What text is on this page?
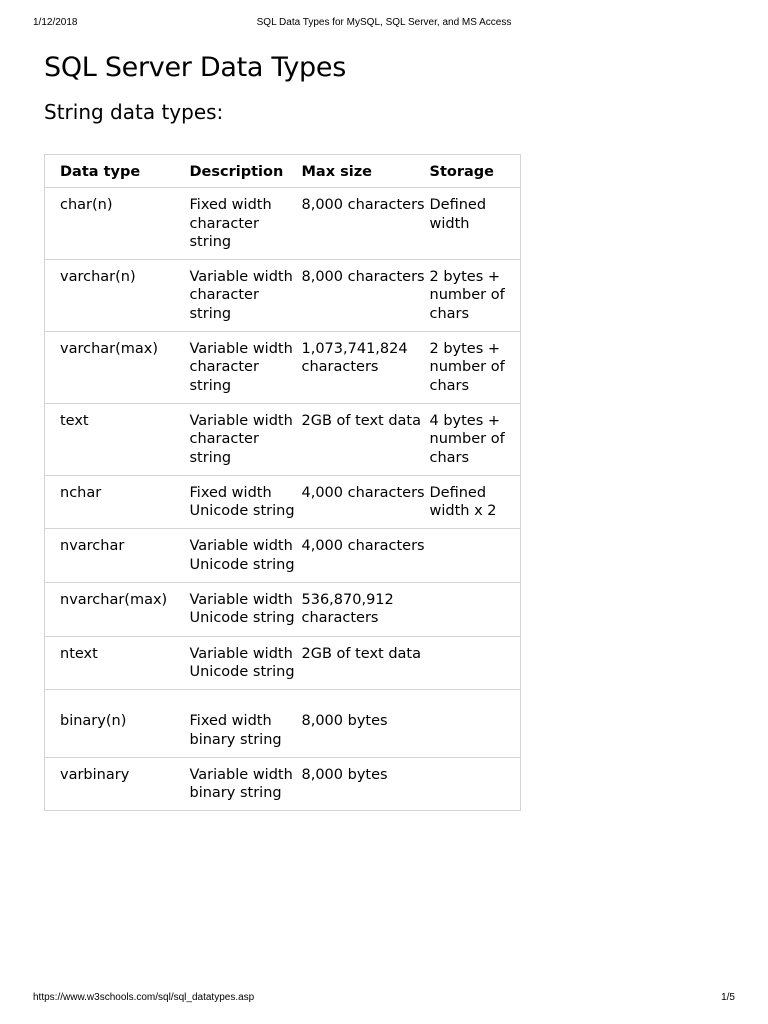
1/12/2018	SQL Data Types for MySQL, SQL Server, and MS Access
SQL Server Data Types
String data types:
Data type	Description	Max size	Storage
char(n)	Fixed width character string	8,000 characters	Defined width
varchar(n)	Variable width character string	8,000 characters	2 bytes + number of chars
varchar(max)	Variable width character string	1,073,741,824 characters	2 bytes + number of chars
text	Variable width character string	2GB of text data	4 bytes + number of chars
nchar	Fixed width Unicode string	4,000 characters	Defined width x 2
nvarchar	Variable width Unicode string	4,000 characters	
nvarchar(max)	Variable width Unicode string	536,870,912 characters	
ntext	Variable width Unicode string	2GB of text data	
binary(n)	Fixed width binary string	8,000 bytes	
varbinary	Variable width binary string	8,000 bytes	
https://www.w3schools.com/sql/sql_datatypes.asp	1/5
